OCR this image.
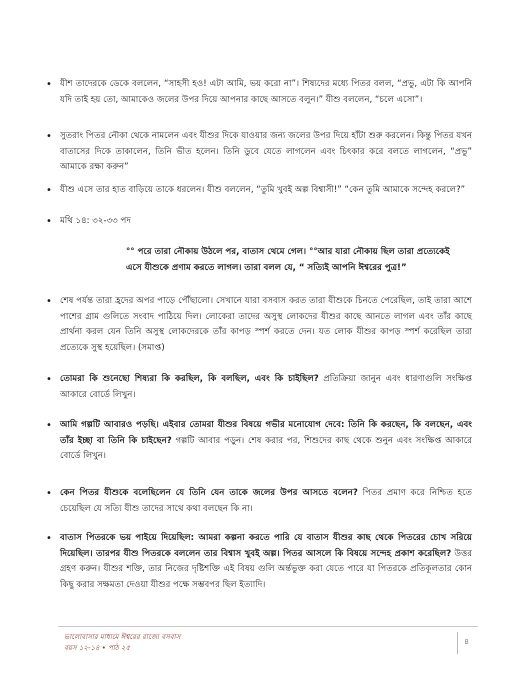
• যীশ তাদেরকে ডেকে বললেন, “সাহসী হও! এটা আমি, ভয় করো না”। শিষ্যদের মধ্যে পিতর বলল, “প্রভু, এটা কি আপনি যদি তাই হয় তো, আমাকেও জলের উপর দিয়ে আপনার কাছে আসতে বলুন।” যীশু বললেন, “চলে এসো”।
• সুতরাং পিতর নৌকা থেকে নামলেন এবং যীশুর দিকে যাওয়ার জন্য জলের উপর দিয়ে হাঁটা শুরু করলেন। কিন্তু পিতর যখন বাতাসের দিকে তাকালেন, তিনি ভীত হলেন। তিনি ডুবে যেতে লাগলেন এবং চিৎকার করে বলতে লাগলেন, “প্রভু” আমাকে রক্ষা করুন”
• যীশু এসে তার হাত বাড়িয়ে তাকে ধরলেন। যীশু বললেন, “তুমি খুবই অল্প বিশ্বাসী!” “কেন তুমি আমাকে সন্দেহ করলে?”
• মথি ১৪: ৩২-৩৩ পদ
°° পরে তারা নৌকায় উঠলে পর, বাতাস থেমে গেল। °°আর যারা নৌকায় ছিল তারা প্রত্যেকেই এসে যীশুকে প্রণাম করতে লাগল। তারা বলল যে, “ সত্যিই আপনি ঈশ্বরের পুত্র!”
• শেষ পর্যন্ত তারা হ্রদের অপর পাড়ে পৌঁছালো। সেখানে যারা বসবাস করত তারা যীশুকে চিনতে পেরেছিল, তাই তারা আশে পাশের গ্রাম গুলিতে সংবাদ পাঠিয়ে দিল। লোকেরা তাদের অসুস্থ লোকদের যীশুর কাছে আনতে লাগল এবং তাঁর কাছে প্রার্থনা করল যেন তিনি অসুস্থ লোকদেরকে তাঁর কাপড় স্পর্শ করতে দেন। যত লোক যীশুর কাপড় স্পর্শ করেছিল তারা প্রত্যেকে সুস্থ হয়েছিল। (সমাপ্ত)
• তোমরা কি শুনেছো শিষ্যরা কি করছিল, কি বলছিল, এবং কি চাইছিল? প্রতিক্রিয়া জানুন এবং ধারণাগুলি সংক্ষিপ্ত আকারে বোর্ডে লিখুন।
• আমি গল্পটি আবারও পড়ছি। এইবার তোমরা যীশুর বিষয়ে গভীর মনোযোগ দেবে: তিনি কি করছেন, কি বলছেন, এবং তাঁর ইচ্ছা বা তিনি কি চাইছেন? গল্পটি আবার পড়ুন। শেষ করার পর, শিশুদের কাছ থেকে শুনুন এবং সংক্ষিপ্ত আকারে বোর্ডে লিখুন।
• কেন পিতর যীশুকে বলেছিলেন যে তিনি যেন তাকে জলের উপর আসতে বলেন? পিতর প্রমাণ করে নিশ্চিত হতে চেয়েছিল যে সত্যি যীশু তাদের সাথে কথা বলছেন কি না।
• বাতাস পিতরকে ভয় পাইয়ে দিয়েছিল: আমরা কল্পনা করতে পারি যে বাতাস যীশুর কাছ থেকে পিতরের চোখ সরিয়ে দিয়েছিল। তারপর যীশু পিতরকে বললেন তার বিশ্বাস খুবই অল্প। পিতর আসলে কি বিষয়ে সন্দেহ প্রকাশ করেছিল? উত্তর গ্রহণ করুন। যীশুর শক্তি, তার নিজের দৃষ্টিশক্তি এই বিষয় গুলি অর্ন্তভুক্ত করা যেতে পারে যা পিতরকে প্রতিকূলতার কোন কিছু করার সক্ষমতা দেওয়া যীশুর পক্ষে সম্ভবপর ছিল ইত্যাদি।
ভালোবাসার মাধ্যমে ঈশ্বরের রাজ্যে বসবাস
বয়স ১২-১৪ • পাঠ ২৫
৪
